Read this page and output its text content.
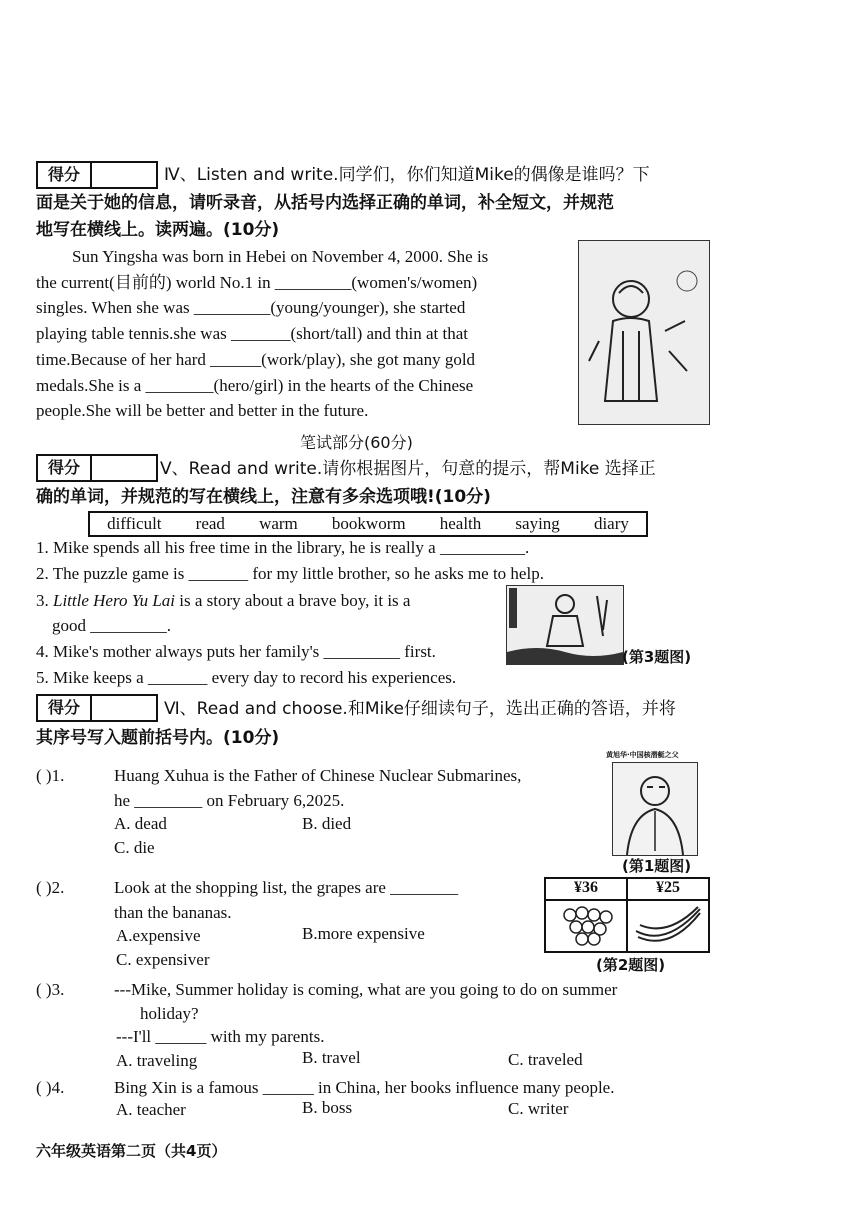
得分	Ⅳ、Listen and write.同学们，你们知道Mike的偶像是谁吗？下
面是关于她的信息，请听录音，从括号内选择正确的单词，补全短文，并规范
地写在横线上。读两遍。(10分)
Sun Yingsha was born in Hebei on November 4, 2000. She is
the current(目前的) world No.1 in _________(women's/women)
singles. When she was _________(young/younger), she started
playing table tennis.she was _______(short/tall) and thin at that
time.Because of her hard ______(work/play), she got many gold
medals.She is a ________(hero/girl) in the hearts of the Chinese
people.She will be better and better in the future.
笔试部分(60分)
得分	Ⅴ、Read and write.请你根据图片，句意的提示，帮Mike 选择正
确的单词，并规范的写在横线上，注意有多余选项哦!(10分)
difficult read warm bookworm health saying diary
1. Mike spends all his free time in the library, he is really a __________.
2. The puzzle game is _______ for my little brother, so he asks me to help.
3. Little Hero Yu Lai is a story about a brave boy, it is a
good _________.
4. Mike's mother always puts her family's _________ first.
5. Mike keeps a _______ every day to record his experiences.
(第3题图)
得分	Ⅵ、Read and choose.和Mike仔细读句子，选出正确的答语，并将
其序号写入题前括号内。(10分)
( )1.	Huang Xuhua is the Father of Chinese Nuclear Submarines,
he ________ on February 6,2025.
A. dead	B. died
C. die
黄旭华·中国核潜艇之父
(第1题图)
( )2.	Look at the shopping list, the grapes are ________
than the bananas.
A.expensive	B.more expensive
C. expensiver
¥36	¥25
(第2题图)
( )3.	---Mike, Summer holiday is coming, what are you going to do on summer
holiday?
---I'll ______ with my parents.
A. traveling	B. travel	C. traveled
( )4.	Bing Xin is a famous ______ in China, her books influence many people.
A. teacher	B. boss	C. writer
六年级英语第二页（共4页）
